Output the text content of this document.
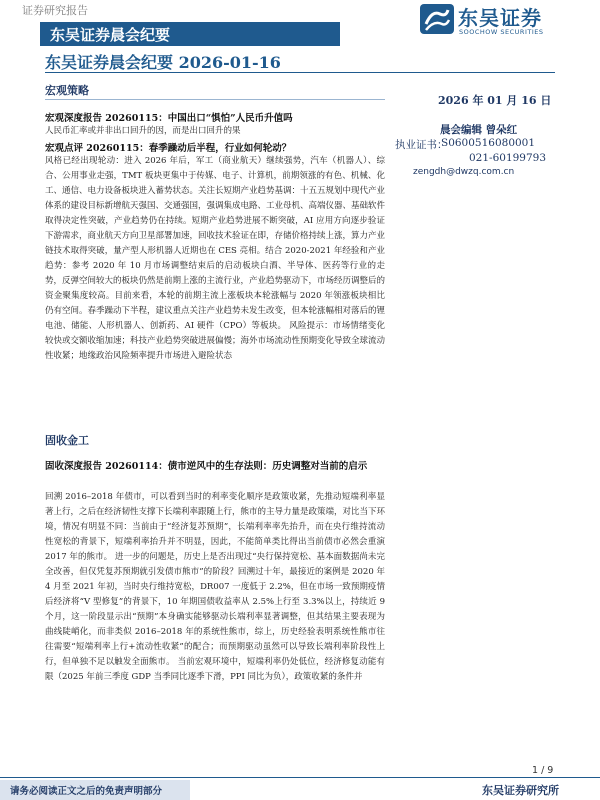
证券研究报告
东吴证券晨会纪要
东吴证券
SOOCHOW SECURITIES
东吴证券晨会纪要 2026-01-16
2026 年 01 月 16 日
晨会编辑 曾朵红
执业证书：
S0600516080001
021-60199793
zengdh@dwzq.com.cn
宏观策略
宏观深度报告 20260115：中国出口“惧怕”人民币升值吗
人民币汇率或并非出口回升的因，而是出口回升的果
宏观点评 20260115：春季躁动后半程，行业如何轮动？
风格已经出现轮动：进入 2026 年后，军工（商业航天）继续强势，汽车（机器人）、综合、公用事业走强，TMT 板块更集中于传媒、电子、计算机，前期领涨的有色、机械、化工、通信、电力设备板块进入蓄势状态。关注长短期产业趋势基调：十五五规划中现代产业体系的建设目标新增航天强国、交通强国，强调集成电路、工业母机、高端仪器、基础软件取得决定性突破，产业趋势仍在持续。短期产业趋势进展不断突破，AI 应用方向逐步验证下游需求，商业航天方向卫星部署加速，回收技术验证在即，存储价格持续上涨，算力产业链技术取得突破，量产型人形机器人近期也在 CES 亮相。结合 2020-2021 年经验和产业趋势：参考 2020 年 10 月市场调整结束后的启动板块白酒、半导体、医药等行业的走势，反弹空间较大的板块仍然是前期上涨的主流行业，产业趋势驱动下，市场经历调整后的资金聚集度较高。目前来看，本轮的前期主流上涨板块本轮涨幅与 2020 年领涨板块相比仍有空间。春季躁动下半程，建议重点关注产业趋势未发生改变，但本轮涨幅相对落后的锂电池、储能、人形机器人、创新药、AI 硬件（CPO）等板块。 风险提示：市场情绪变化较快或交额收缩加速；科技产业趋势突破进展偏慢；海外市场流动性预期变化导致全球流动性收紧；地缘政治风险频率提升市场进入避险状态
固收金工
固收深度报告 20260114：债市逆风中的生存法则：历史调整对当前的启示
回溯 2016–2018 年债市，可以看到当时的利率变化顺序是政策收紧，先推动短端利率显著上行，之后在经济韧性支撑下长端利率跟随上行，熊市的主导力量是政策端，对比当下环境，情况有明显不同：当前由于“经济复苏预期”，长端利率率先抬升，而在央行维持流动性宽松的背景下，短端利率抬升并不明显，因此，不能简单类比得出当前债市必然会重演 2017 年的熊市。 进一步的问题是，历史上是否出现过“央行保持宽松、基本面数据尚未完全改善，但仅凭复苏预期就引发债市熊市”的阶段？回溯过十年，最接近的案例是 2020 年 4 月至 2021 年初，当时央行维持宽松，DR007 一度低于 2.2%，但在市场一致预期疫情后经济将“V 型修复”的背景下，10 年期国债收益率从 2.5%上行至 3.3%以上，持续近 9 个月，这一阶段显示出“预期”本身确实能够驱动长端利率显著调整，但其结果主要表现为曲线陡峭化，而非类似 2016–2018 年的系统性熊市，综上，历史经验表明系统性熊市往往需要“短端利率上行+流动性收紧”的配合；而预期驱动虽然可以导致长端利率阶段性上行，但单独不足以触发全面熊市。 当前宏观环境中，短端利率仍处低位，经济修复动能有限（2025 年前三季度 GDP 当季同比逐季下滑，PPI 同比为负），政策收紧的条件并
1 / 9
请务必阅读正文之后的免责声明部分	东吴证券研究所
